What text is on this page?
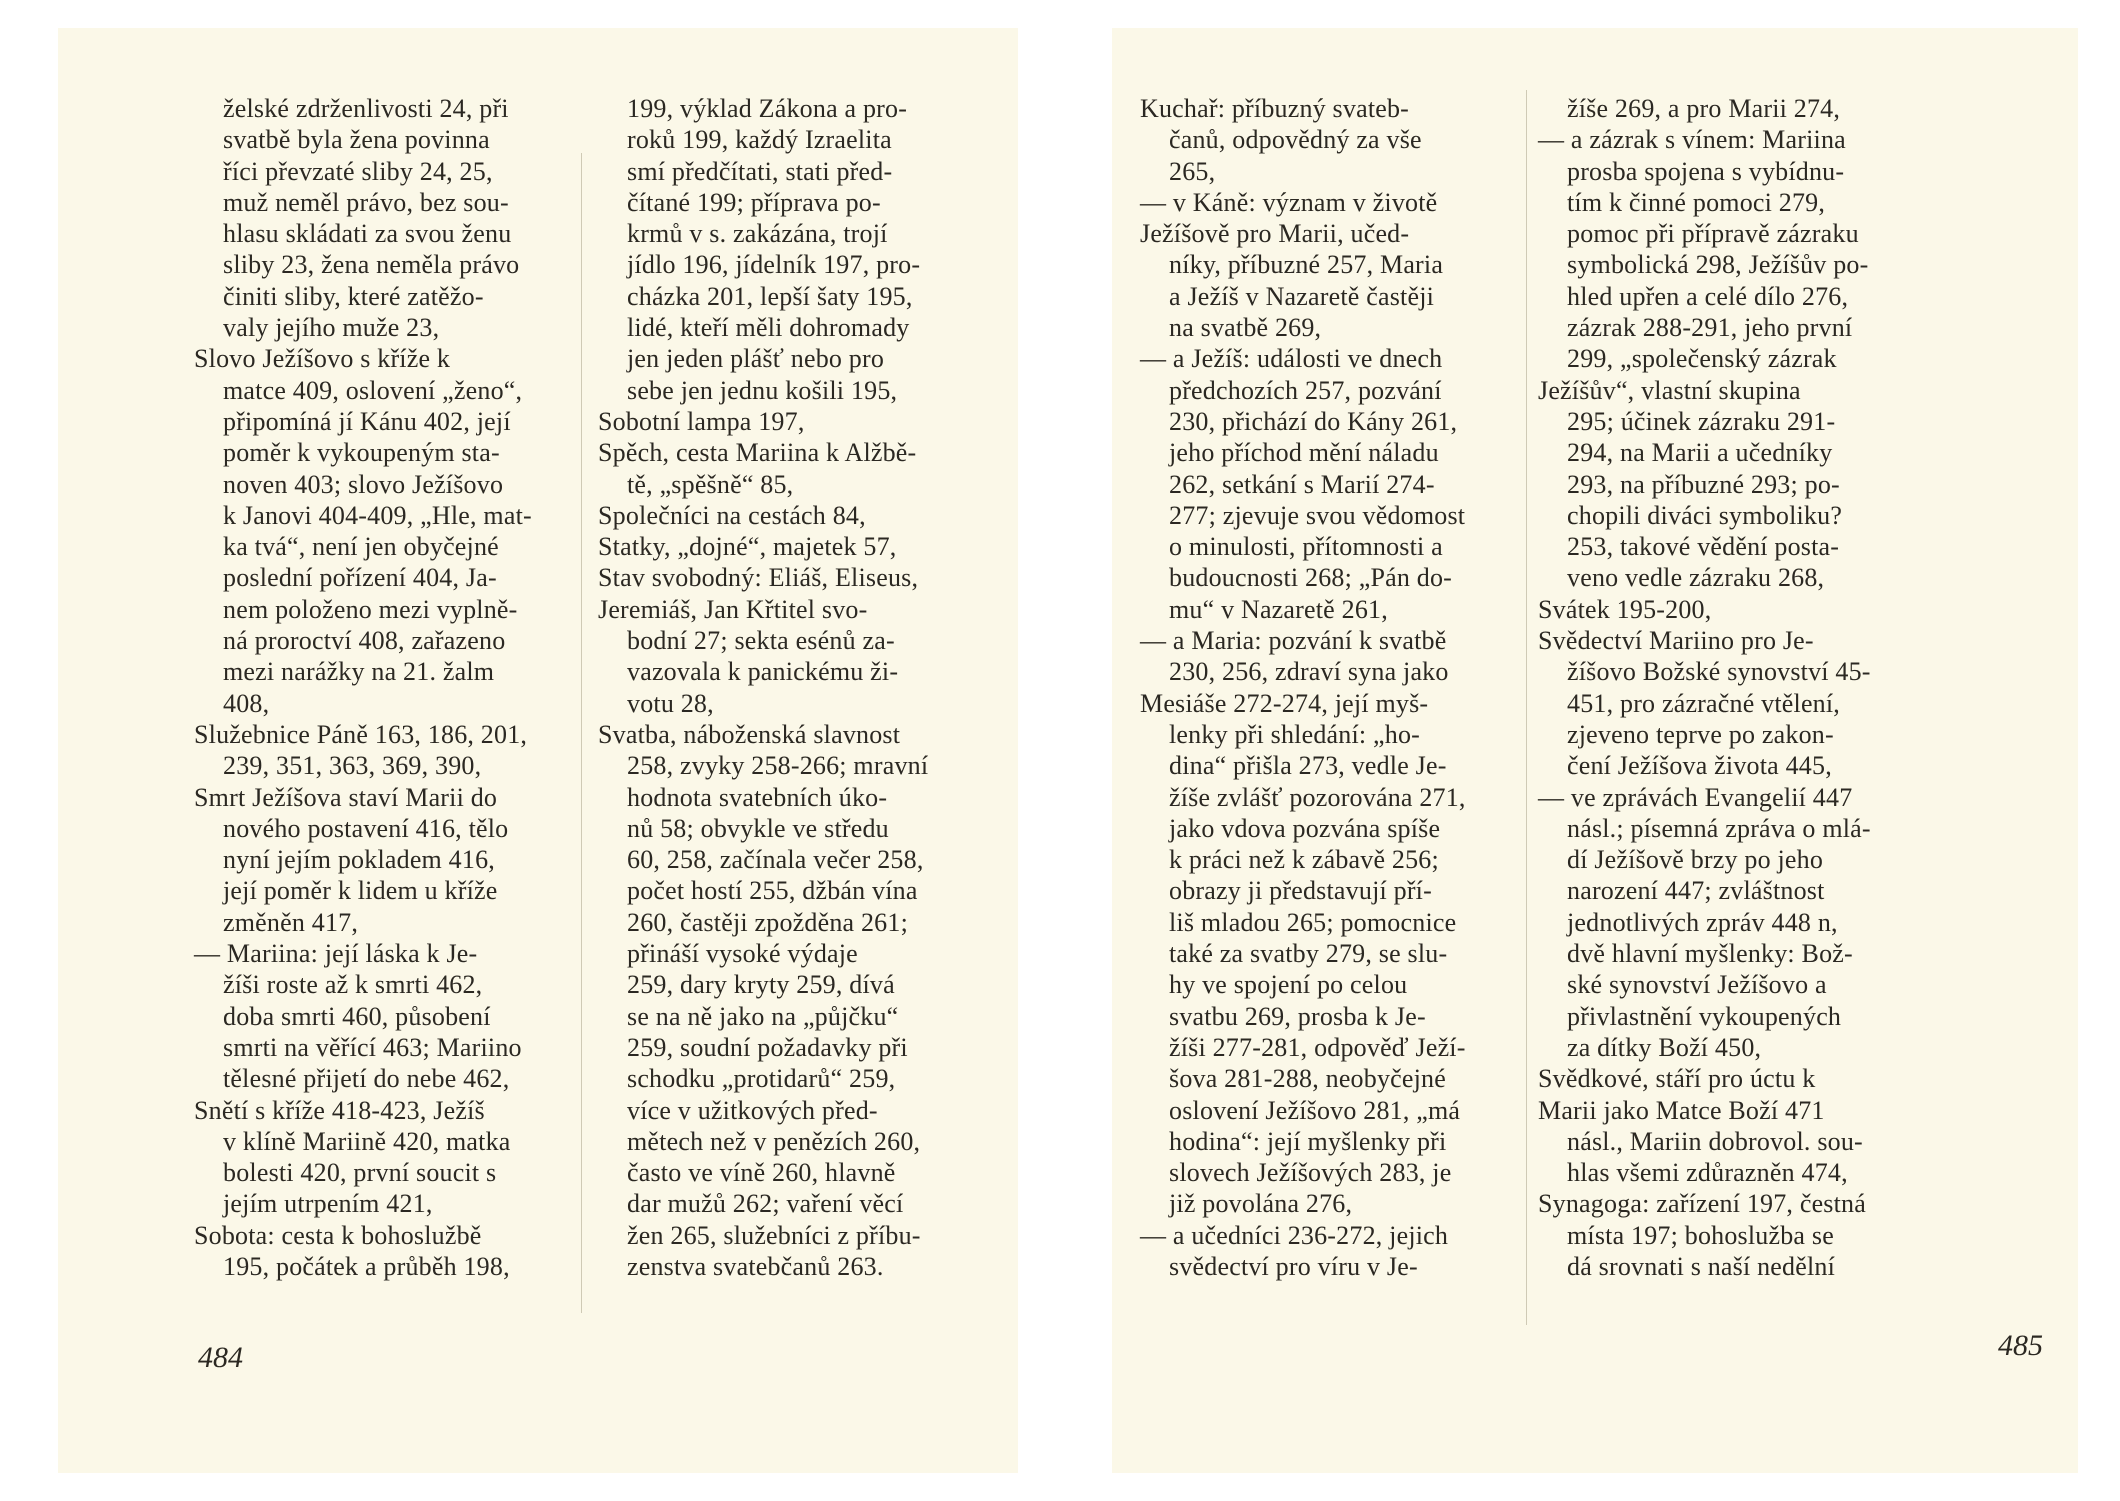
želské zdrženlivosti 24, při
svatbě byla žena povinna
říci převzaté sliby 24, 25,
muž neměl právo, bez sou-
hlasu skládati za svou ženu
sliby 23, žena neměla právo
činiti sliby, které zatěžo-
valy jejího muže 23,
Slovo Ježíšovo s kříže k
matce 409, oslovení „ženo“,
připomíná jí Kánu 402, její
poměr k vykoupeným sta-
noven 403; slovo Ježíšovo
k Janovi 404-409, „Hle, mat-
ka tvá“, není jen obyčejné
poslední pořízení 404, Ja-
nem položeno mezi vyplně-
ná proroctví 408, zařazeno
mezi narážky na 21. žalm
408,
Služebnice Páně 163, 186, 201,
239, 351, 363, 369, 390,
Smrt Ježíšova staví Marii do
nového postavení 416, tělo
nyní jejím pokladem 416,
její poměr k lidem u kříže
změněn 417,
— Mariina: její láska k Je-
žíši roste až k smrti 462,
doba smrti 460, působení
smrti na věřící 463; Mariino
tělesné přijetí do nebe 462,
Snětí s kříže 418-423, Ježíš
v klíně Mariině 420, matka
bolesti 420, první soucit s
jejím utrpením 421,
Sobota: cesta k bohoslužbě
195, počátek a průběh 198,
199, výklad Zákona a pro-
roků 199, každý Izraelita
smí předčítati, stati před-
čítané 199; příprava po-
krmů v s. zakázána, trojí
jídlo 196, jídelník 197, pro-
cházka 201, lepší šaty 195,
lidé, kteří měli dohromady
jen jeden plášť nebo pro
sebe jen jednu košili 195,
Sobotní lampa 197,
Spěch, cesta Mariina k Alžbě-
tě, „spěšně“ 85,
Společníci na cestách 84,
Statky, „dojné“, majetek 57,
Stav svobodný: Eliáš, Eliseus,
Jeremiáš, Jan Křtitel svo-
bodní 27; sekta esénů za-
vazovala k panickému ži-
votu 28,
Svatba, náboženská slavnost
258, zvyky 258-266; mravní
hodnota svatebních úko-
nů 58; obvykle ve středu
60, 258, začínala večer 258,
počet hostí 255, džbán vína
260, častěji zpožděna 261;
přináší vysoké výdaje
259, dary kryty 259, dívá
se na ně jako na „půjčku“
259, soudní požadavky při
schodku „protidarů“ 259,
více v užitkových před-
mětech než v penězích 260,
často ve víně 260, hlavně
dar mužů 262; vaření věcí
žen 265, služebníci z příbu-
zenstva svatebčanů 263.
484
Kuchař: příbuzný svateb-
čanů, odpovědný za vše
265,
— v Káně: význam v životě
Ježíšově pro Marii, učed-
níky, příbuzné 257, Maria
a Ježíš v Nazaretě častěji
na svatbě 269,
— a Ježíš: události ve dnech
předchozích 257, pozvání
230, přichází do Kány 261,
jeho příchod mění náladu
262, setkání s Marií 274-
277; zjevuje svou vědomost
o minulosti, přítomnosti a
budoucnosti 268; „Pán do-
mu“ v Nazaretě 261,
— a Maria: pozvání k svatbě
230, 256, zdraví syna jako
Mesiáše 272-274, její myš-
lenky při shledání: „ho-
dina“ přišla 273, vedle Je-
žíše zvlášť pozorována 271,
jako vdova pozvána spíše
k práci než k zábavě 256;
obrazy ji představují pří-
liš mladou 265; pomocnice
také za svatby 279, se slu-
hy ve spojení po celou
svatbu 269, prosba k Je-
žíši 277-281, odpověď Ježí-
šova 281-288, neobyčejné
oslovení Ježíšovo 281, „má
hodina“: její myšlenky při
slovech Ježíšových 283, je
již povolána 276,
— a učedníci 236-272, jejich
svědectví pro víru v Je-
žíše 269, a pro Marii 274,
— a zázrak s vínem: Mariina
prosba spojena s vybídnu-
tím k činné pomoci 279,
pomoc při přípravě zázraku
symbolická 298, Ježíšův po-
hled upřen a celé dílo 276,
zázrak 288-291, jeho první
299, „společenský zázrak
Ježíšův“, vlastní skupina
295; účinek zázraku 291-
294, na Marii a učedníky
293, na příbuzné 293; po-
chopili diváci symboliku?
253, takové vědění posta-
veno vedle zázraku 268,
Svátek 195-200,
Svědectví Mariino pro Je-
žíšovo Božské synovství 45-
451, pro zázračné vtělení,
zjeveno teprve po zakon-
čení Ježíšova života 445,
— ve zprávách Evangelií 447
násl.; písemná zpráva o mlá-
dí Ježíšově brzy po jeho
narození 447; zvláštnost
jednotlivých zpráv 448 n,
dvě hlavní myšlenky: Bož-
ské synovství Ježíšovo a
přivlastnění vykoupených
za dítky Boží 450,
Svědkové, stáří pro úctu k
Marii jako Matce Boží 471
násl., Mariin dobrovol. sou-
hlas všemi zdůrazněn 474,
Synagoga: zařízení 197, čestná
místa 197; bohoslužba se
dá srovnati s naší nedělní
485
